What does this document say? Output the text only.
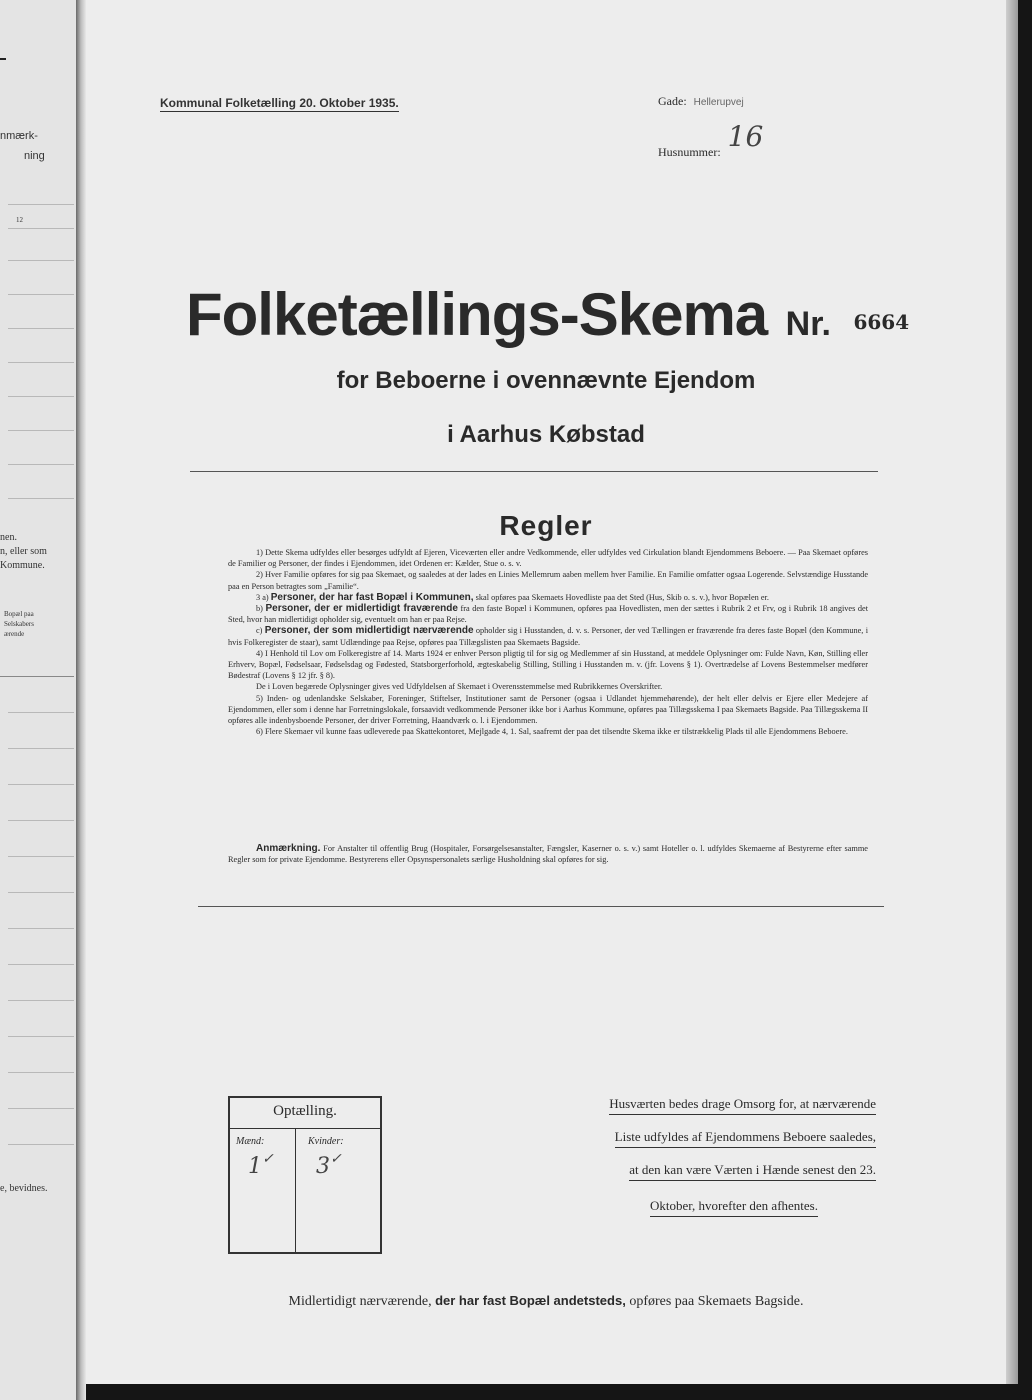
nmærk-
ning
12
nen.
n, eller som
Kommune.
Bopæl paa
Selskabers
ærende
e, bevidnes.
Kommunal Folketælling 20. Oktober 1935.	Gade: Hellerupvej
Husnummer: 16
Folketællings-Skema Nr. 6664
for Beboerne i ovennævnte Ejendom
i Aarhus Købstad
Regler

1) Dette Skema udfyldes eller besørges udfyldt af Ejeren, Viceværten eller andre Vedkommende, eller udfyldes ved Cirkulation blandt Ejendommens Beboere. — Paa Skemaet opføres de Familier og Personer, der findes i Ejendommen, idet Ordenen er: Kælder, Stue o. s. v.

2) Hver Familie opføres for sig paa Skemaet, og saaledes at der lades en Linies Mellemrum aaben mellem hver Familie. En Familie omfatter ogsaa Logerende. Selvstændige Husstande paa en Person betragtes som „Familie“.

3 a) Personer, der har fast Bopæl i Kommunen, skal opføres paa Skemaets Hovedliste paa det Sted (Hus, Skib o. s. v.), hvor Bopælen er.

b) Personer, der er midlertidigt fraværende fra den faste Bopæl i Kommunen, opføres paa Hovedlisten, men der sættes i Rubrik 2 et Frv, og i Rubrik 18 angives det Sted, hvor han midlertidigt opholder sig, eventuelt om han er paa Rejse.

c) Personer, der som midlertidigt nærværende opholder sig i Husstanden, d. v. s. Personer, der ved Tællingen er fraværende fra deres faste Bopæl (den Kommune, i hvis Folkeregister de staar), samt Udlændinge paa Rejse, opføres paa Tillægslisten paa Skemaets Bagside.

4) I Henhold til Lov om Folkeregistre af 14. Marts 1924 er enhver Person pligtig til for sig og Medlemmer af sin Husstand, at meddele Oplysninger om: Fulde Navn, Køn, Stilling eller Erhverv, Bopæl, Fødselsaar, Fødselsdag og Fødested, Statsborgerforhold, ægteskabelig Stilling, Stilling i Husstanden m. v. (jfr. Lovens § 1). Overtrædelse af Lovens Bestemmelser medfører Bødestraf (Lovens § 12 jfr. § 8).

De i Loven begærede Oplysninger gives ved Udfyldelsen af Skemaet i Overensstemmelse med Rubrikkernes Overskrifter.

5) Inden- og udenlandske Selskaber, Foreninger, Stiftelser, Institutioner samt de Personer (ogsaa i Udlandet hjemmehørende), der helt eller delvis er Ejere eller Medejere af Ejendommen, eller som i denne har Forretningslokale, forsaavidt vedkommende Personer ikke bor i Aarhus Kommune, opføres paa Tillægsskema I paa Skemaets Bagside. Paa Tillægsskema II opføres alle indenbysboende Personer, der driver Forretning, Haandværk o. l. i Ejendommen.

6) Flere Skemaer vil kunne faas udleverede paa Skattekontoret, Mejlgade 4, 1. Sal, saafremt der paa det tilsendte Skema ikke er tilstrækkelig Plads til alle Ejendommens Beboere.

Anmærkning. For Anstalter til offentlig Brug (Hospitaler, Forsørgelsesanstalter, Fængsler, Kaserner o. s. v.) samt Hoteller o. l. udfyldes Skemaerne af Bestyrerne efter samme Regler som for private Ejendomme. Bestyrerens eller Opsynspersonalets særlige Husholdning skal opføres for sig.
Optælling.
Mænd:	Kvinder:
1✓ 3✓
Husværten bedes drage Omsorg for, at nærværende
Liste udfyldes af Ejendommens Beboere saaledes,
at den kan være Værten i Hænde senest den 23.
Oktober, hvorefter den afhentes.
Midlertidigt nærværende, der har fast Bopæl andetsteds, opføres paa Skemaets Bagside.
